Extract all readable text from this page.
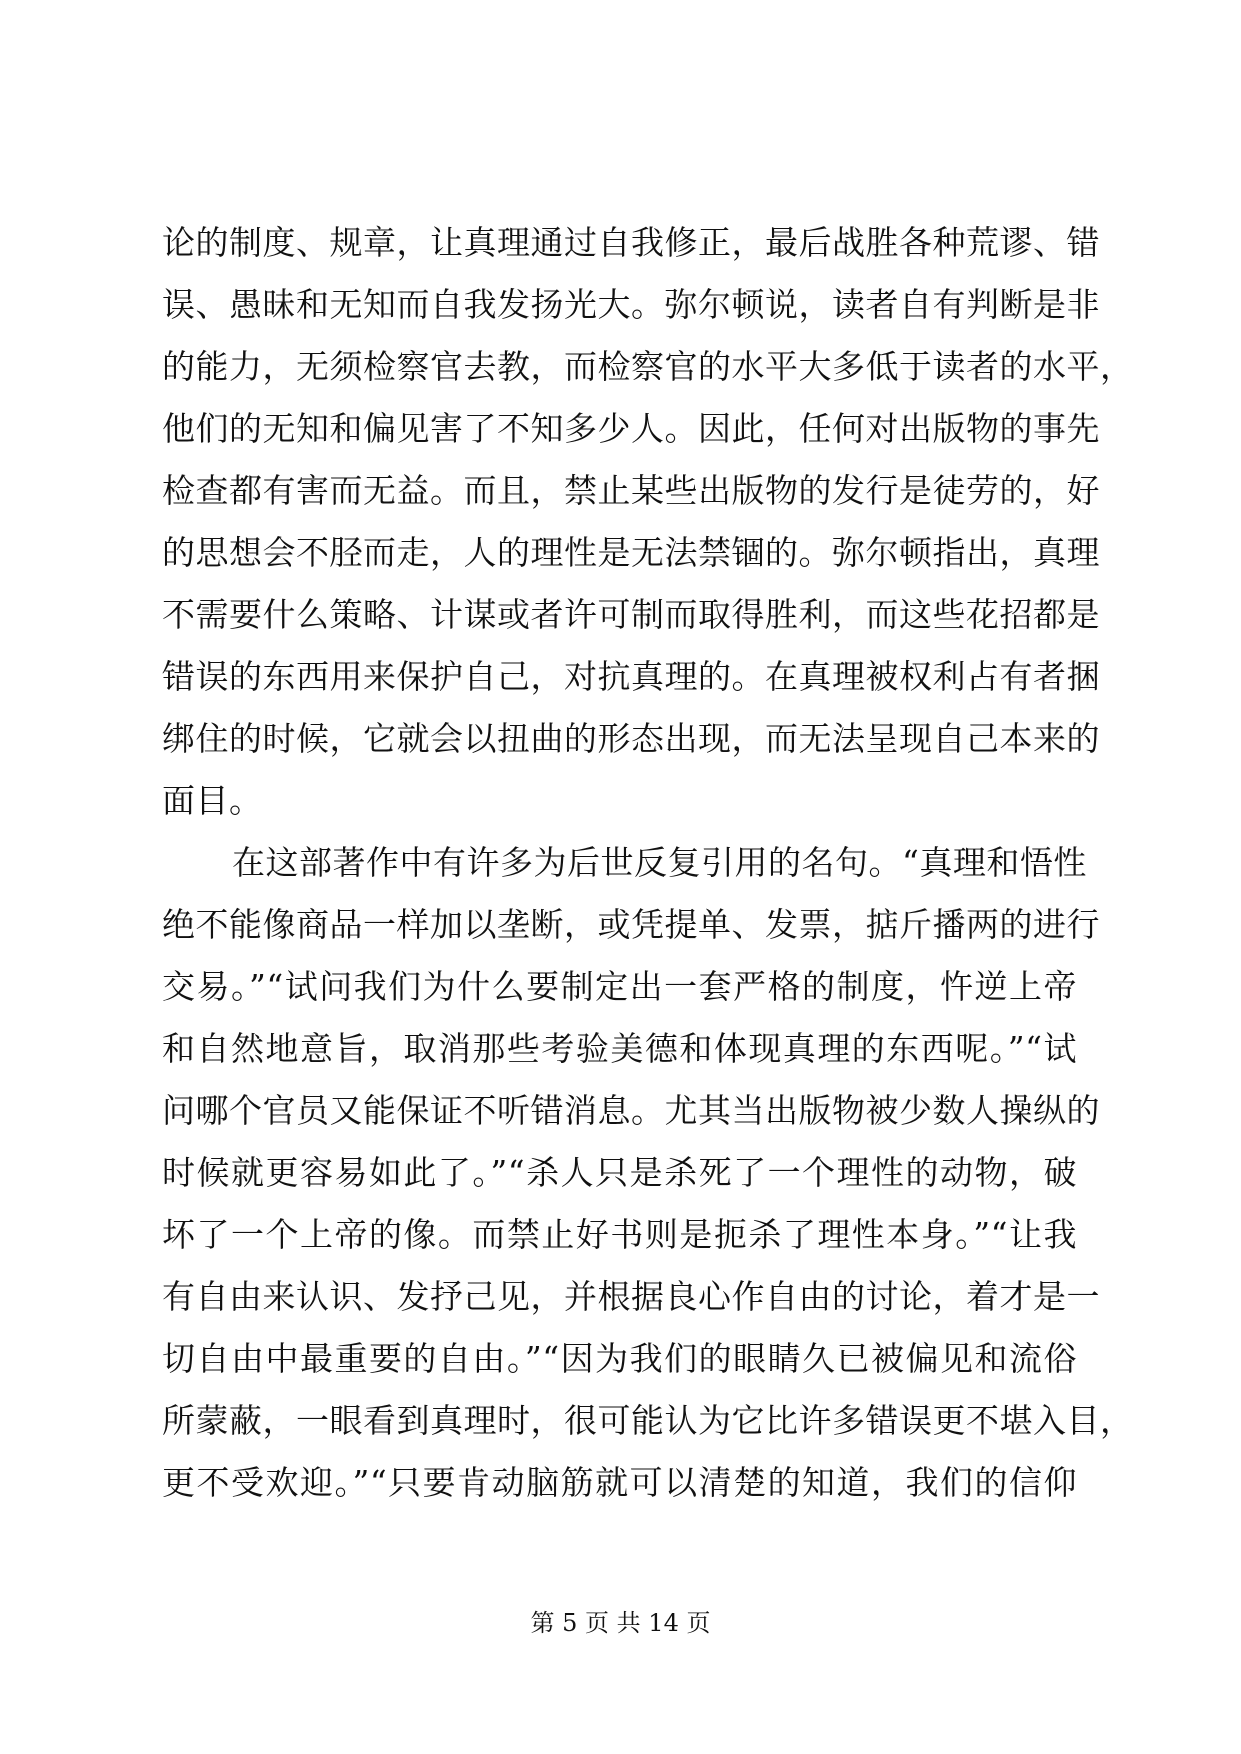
论的制度、规章，让真理通过自我修正，最后战胜各种荒谬、错
误、愚昧和无知而自我发扬光大。弥尔顿说，读者自有判断是非
的能力，无须检察官去教，而检察官的水平大多低于读者的水平，
他们的无知和偏见害了不知多少人。因此，任何对出版物的事先
检查都有害而无益。而且，禁止某些出版物的发行是徒劳的，好
的思想会不胫而走，人的理性是无法禁锢的。弥尔顿指出，真理
不需要什么策略、计谋或者许可制而取得胜利，而这些花招都是
错误的东西用来保护自己，对抗真理的。在真理被权利占有者捆
绑住的时候，它就会以扭曲的形态出现，而无法呈现自己本来的
面目。
在这部著作中有许多为后世反复引用的名句。“真理和悟性
绝不能像商品一样加以垄断，或凭提单、发票，掂斤播两的进行
交易。”“试问我们为什么要制定出一套严格的制度，忤逆上帝
和自然地意旨，取消那些考验美德和体现真理的东西呢。”“试
问哪个官员又能保证不听错消息。尤其当出版物被少数人操纵的
时候就更容易如此了。”“杀人只是杀死了一个理性的动物，破
坏了一个上帝的像。而禁止好书则是扼杀了理性本身。”“让我
有自由来认识、发抒己见，并根据良心作自由的讨论，着才是一
切自由中最重要的自由。”“因为我们的眼睛久已被偏见和流俗
所蒙蔽，一眼看到真理时，很可能认为它比许多错误更不堪入目，
更不受欢迎。”“只要肯动脑筋就可以清楚的知道，我们的信仰
第 5 页 共 14 页
